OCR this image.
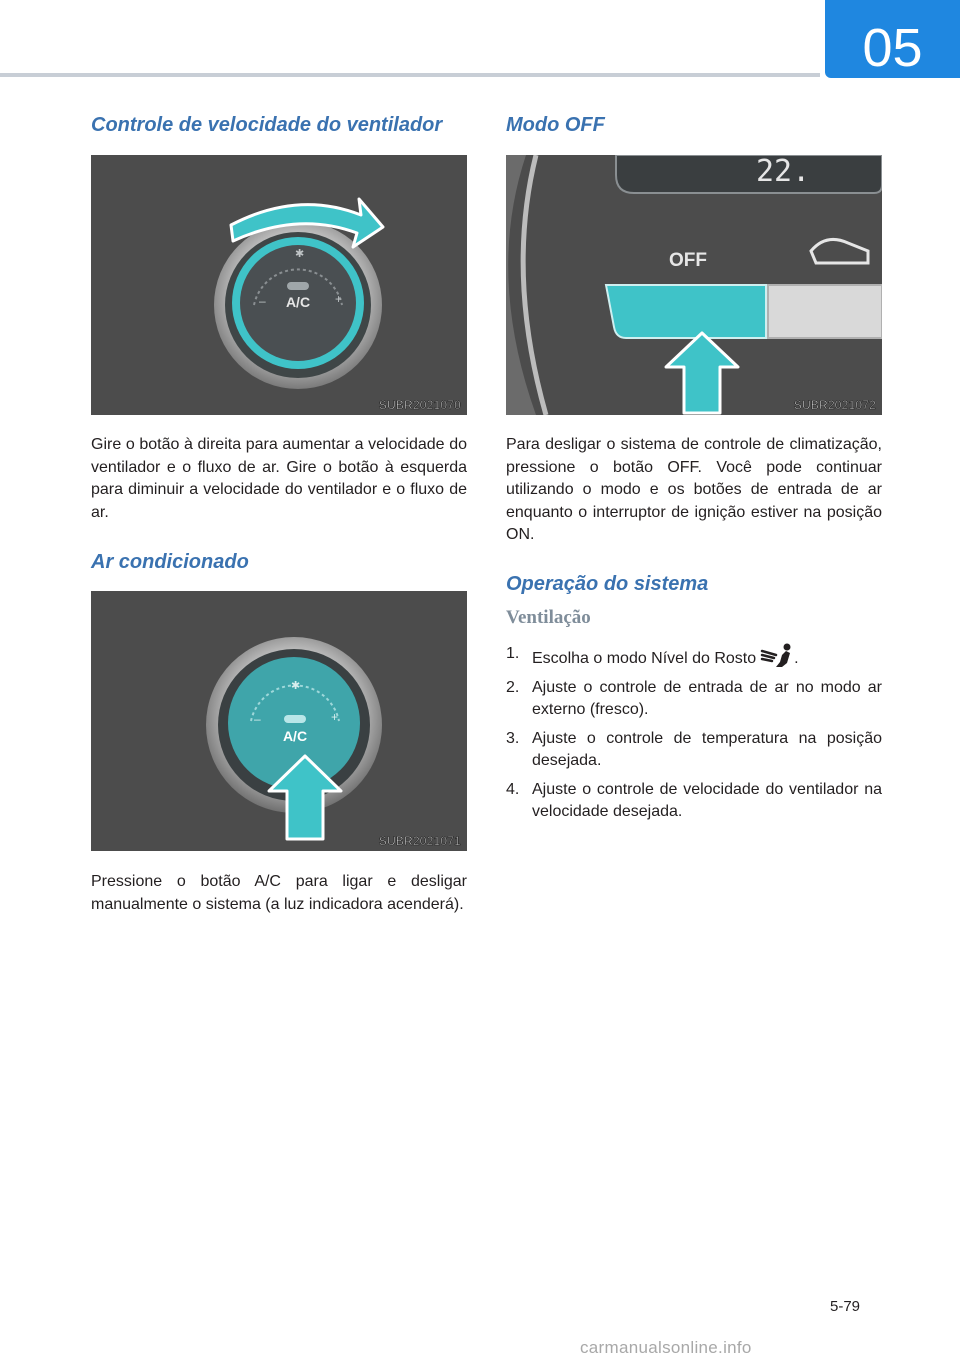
05
Controle de velocidade do ventilador
–	+
✱
A/C
SUBR2021070

Gire o botão à direita para aumentar a velocidade do ventilador e o fluxo de ar. Gire o botão à esquerda para diminuir a velocidade do ventilador e o fluxo de ar.

Ar condicionado
–	+
✱
A/C
SUBR2021071

Pressione o botão A/C para ligar e desligar manualmente o sistema (a luz indicadora acenderá).

Modo OFF
22.
OFF
SUBR2021072

Para desligar o sistema de controle de climatização, pressione o botão OFF. Você pode continuar utilizando o modo e os botões de entrada de ar enquanto o interruptor de ignição estiver na posição ON.

Operação do sistema
Ventilação
1. Escolha o modo Nível do Rosto .
2. Ajuste o controle de entrada de ar no modo ar externo (fresco).
3. Ajuste o controle de temperatura na posição desejada.
4. Ajuste o controle de velocidade do ventilador na velocidade desejada.
5-79
carmanualsonline.info
